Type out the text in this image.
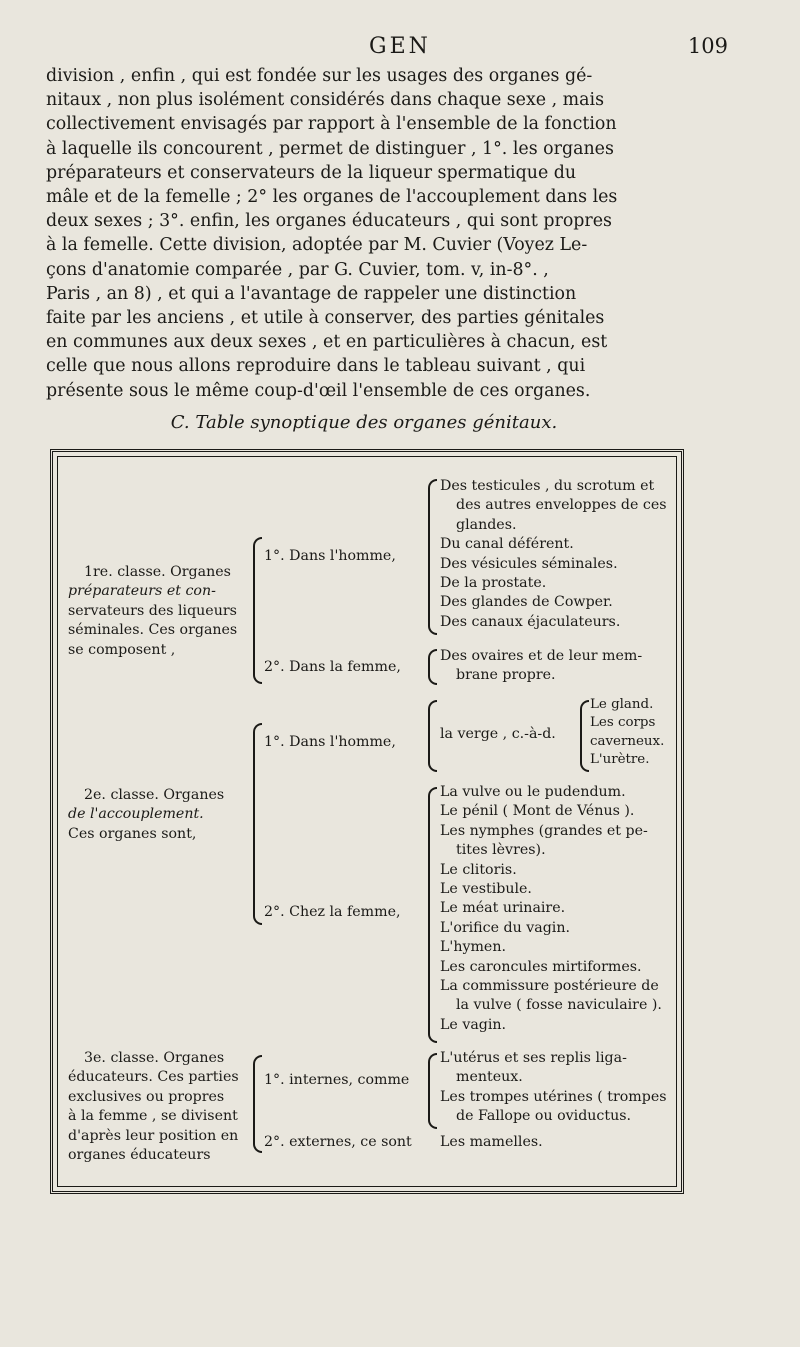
GEN	109

division , enfin , qui est fondée sur les usages des organes gé-

nitaux , non plus isolément considérés dans chaque sexe , mais

collectivement envisagés par rapport à l'ensemble de la fonction

à laquelle ils concourent , permet de distinguer , 1°. les organes

préparateurs et conservateurs de la liqueur spermatique du

mâle et de la femelle ; 2° les organes de l'accouplement dans les

deux sexes ; 3°. enfin, les organes éducateurs , qui sont propres

à la femelle. Cette division, adoptée par M. Cuvier (Voyez Le-

çons d'anatomie comparée , par G. Cuvier, tom. v, in-8°. ,

Paris , an 8) , et qui a l'avantage de rappeler une distinction

faite par les anciens , et utile à conserver, des parties génitales

en communes aux deux sexes , et en particulières à chacun, est

celle que nous allons reproduire dans le tableau suivant , qui

présente sous le même coup-d'œil l'ensemble de ces organes.

C. Table synoptique des organes génitaux.
1re. classe. Organes
préparateurs et con-
servateurs des liqueurs
séminales. Ces organes
se composent ,
1°. Dans l'homme,
2°. Dans la femme,
Des testicules , du scrotum et
des autres enveloppes de ces
glandes.
Du canal déférent.
Des vésicules séminales.
De la prostate.
Des glandes de Cowper.
Des canaux éjaculateurs.
Des ovaires et de leur mem-
brane propre.
2e. classe. Organes
de l'accouplement.
Ces organes sont,
1°. Dans l'homme,
2°. Chez la femme,
la verge , c.-à-d.
Le gland.
Les corps
caverneux.
L'urètre.
La vulve ou le pudendum.
Le pénil ( Mont de Vénus ).
Les nymphes (grandes et pe-
tites lèvres).
Le clitoris.
Le vestibule.
Le méat urinaire.
L'orifice du vagin.
L'hymen.
Les caroncules mirtiformes.
La commissure postérieure de
la vulve ( fosse naviculaire ).
Le vagin.
3e. classe. Organes
éducateurs. Ces parties
exclusives ou propres
à la femme , se divisent
d'après leur position en
organes éducateurs
1°. internes, comme
2°. externes, ce sont
L'utérus et ses replis liga-
menteux.
Les trompes utérines ( trompes
de Fallope ou oviductus.
Les mamelles.
